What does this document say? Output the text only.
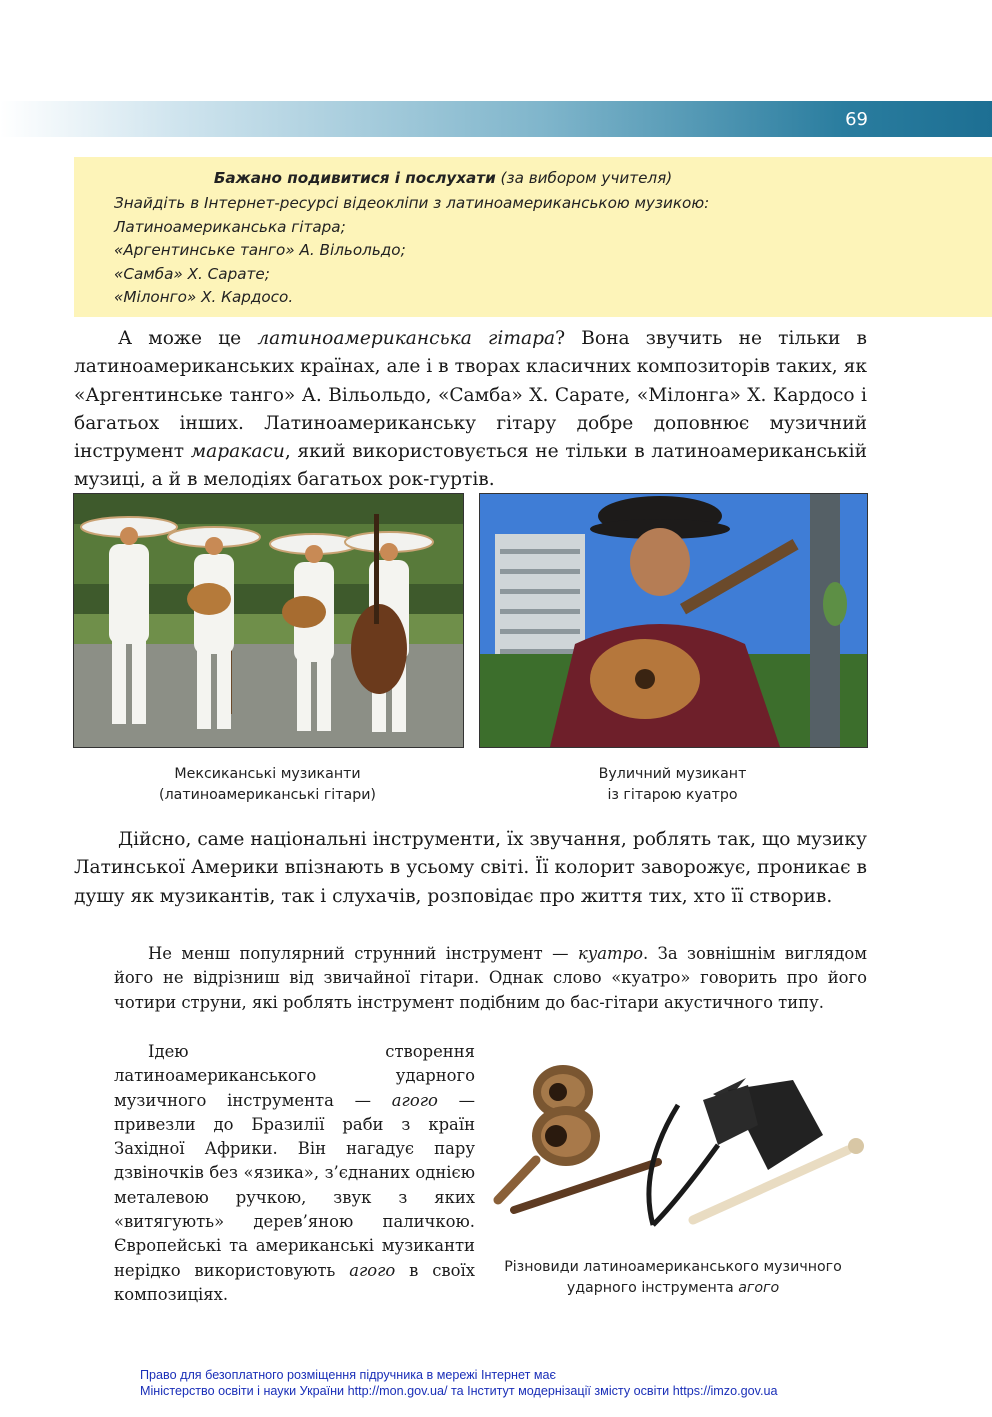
69
Бажано подивитися і послухати (за вибором учителя)
Знайдіть в Інтернет-ресурсі відеокліпи з латиноамериканською музикою:
Латиноамериканська гітара;
«Аргентинське танго» А. Вільольдо;
«Самба» Х. Сарате;
«Мілонго» Х. Кардосо.

А може це латиноамериканська гітара? Вона звучить не тільки в латиноамериканських країнах, але і в творах класичних композиторів таких, як «Аргентинське танго» А. Вільольдо, «Самба» Х. Сарате, «Мілонга» Х. Кардосо і багатьох інших. Латиноамериканську гітару добре доповнює музичний інструмент маракаси, який використовується не тільки в латиноамериканській музиці, а й в мелодіях багатьох рок-гуртів.

Мексиканські музиканти
(латиноамериканські гітари)
Вуличний музикант
із гітарою куатро

Дійсно, саме національні інструменти, їх звучання, роблять так, що музику Латинської Америки впізнають в усьому світі. Її колорит заворожує, проникає в душу як музикантів, так і слухачів, розповідає про життя тих, хто її створив.

Не менш популярний струнний інструмент — куатро. За зовнішнім виглядом його не відрізниш від звичайної гітари. Однак слово «куатро» говорить про його чотири струни, які роблять інструмент подібним до бас-гітари акустичного типу.

Ідею створення латиноамериканського ударного музичного інструмента — агого — привезли до Бразилії раби з країн Західної Африки. Він нагадує пару дзвіночків без «язика», з’єднаних однією металевою ручкою, звук з яких «витягують» дерев’яною паличкою. Європейські та американські музиканти нерідко використовують агого в своїх композиціях.

Різновиди латиноамериканського музичного
ударного інструмента агого
Право для безоплатного розміщення підручника в мережі Інтернет має
Міністерство освіти і науки України http://mon.gov.ua/ та Інститут модернізації змісту освіти https://imzo.gov.ua
